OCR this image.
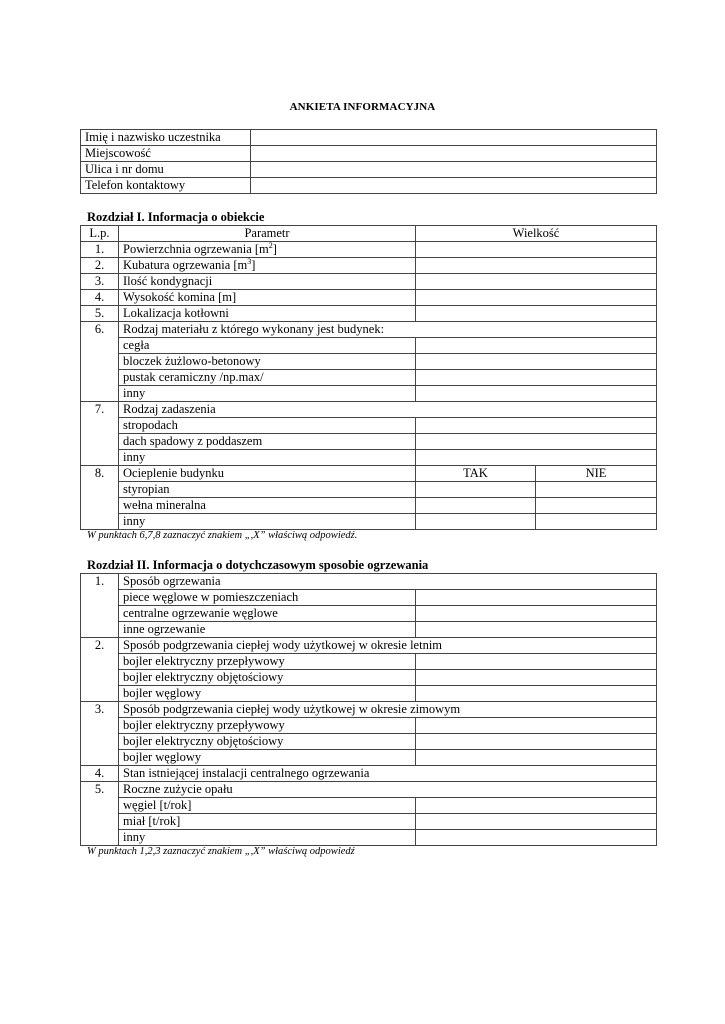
ANKIETA INFORMACYJNA
Imię i nazwisko uczestnika	
Miejscowość	
Ulica i nr domu	
Telefon kontaktowy	
Rozdział I. Informacja o obiekcie
L.p.	Parametr	Wielkość	
1.	Powierzchnia ogrzewania $[m^2]$		
2.	Kubatura ogrzewania $[m^3]$		
3.	Ilość kondygnacji		
4.	Wysokość komina [m]		
5.	Lokalizacja kotłowni		
6.	Rodzaj materiału z którego wykonany jest budynek:		
	cegła		
	bloczek żużlowo-betonowy		
	pustak ceramiczny /np.max/		
	inny		
7.	Rodzaj zadaszenia		
	stropodach		
	dach spadowy z poddaszem		
	inny		
8.	Ocieplenie budynku	TAK	NIE
	styropian		
	wełna mineralna		
	inny		
W punktach 6,7,8 zaznaczyć znakiem „,X” właściwą odpowiedź.
Rozdział II. Informacja o dotychczasowym sposobie ogrzewania
1.	Sposób ogrzewania	
	piece węglowe w pomieszczeniach	
	centralne ogrzewanie węglowe	
	inne ogrzewanie	
2.	Sposób podgrzewania ciepłej wody użytkowej w okresie letnim	
	bojler elektryczny przepływowy	
	bojler elektryczny objętościowy	
	bojler węglowy	
3.	Sposób podgrzewania ciepłej wody użytkowej w okresie zimowym	
	bojler elektryczny przepływowy	
	bojler elektryczny objętościowy	
	bojler węglowy	
4.	Stan istniejącej instalacji centralnego ogrzewania	
5.	Roczne zużycie opału	
	węgiel [t/rok]	
	miał [t/rok]	
	inny	
W punktach 1,2,3 zaznaczyć znakiem „,X” właściwą odpowiedź
